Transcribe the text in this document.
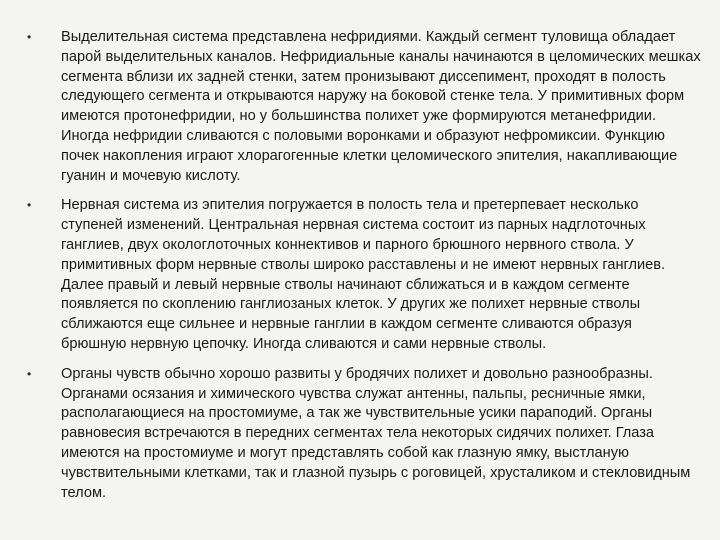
• Выделительная система представлена нефридиями. Каждый сегмент туловища обладает парой выделительных каналов. Нефридиальные каналы начинаются в целомических мешках сегмента вблизи их задней стенки, затем пронизывают диссепимент, проходят в полость следующего сегмента и открываются наружу на боковой стенке тела. У примитивных форм имеются протонефридии, но у большинства полихет уже формируются метанефридии. Иногда нефридии сливаются с половыми воронками и образуют нефромиксии. Функцию почек накопления играют хлорагогенные клетки целомического эпителия, накапливающие гуанин и мочевую кислоту.
• Нервная система из эпителия погружается в полость тела и претерпевает несколько ступеней изменений. Центральная нервная система состоит из парных надглоточных ганглиев, двух окологлоточных коннективов и парного брюшного нервного ствола. У примитивных форм нервные стволы широко расставлены и не имеют нервных ганглиев. Далее правый и левый нервные стволы начинают сближаться и в каждом сегменте появляется по скоплению ганглиозаных клеток. У других же полихет нервные стволы сближаются еще сильнее и нервные ганглии в каждом сегменте сливаются образуя брюшную нервную цепочку. Иногда сливаются и сами нервные стволы.
• Органы чувств обычно хорошо развиты у бродячих полихет и довольно разнообразны. Органами осязания и химического чувства служат антенны, пальпы, ресничные ямки, располагающиеся на простомиуме, а так же чувствительные усики параподий. Органы равновесия встречаются в передних сегментах тела некоторых сидячих полихет. Глаза имеются на простомиуме и могут представлять собой как глазную ямку, выстланую чувствительными клетками, так и глазной пузырь с роговицей, хрусталиком и стекловидным телом.
